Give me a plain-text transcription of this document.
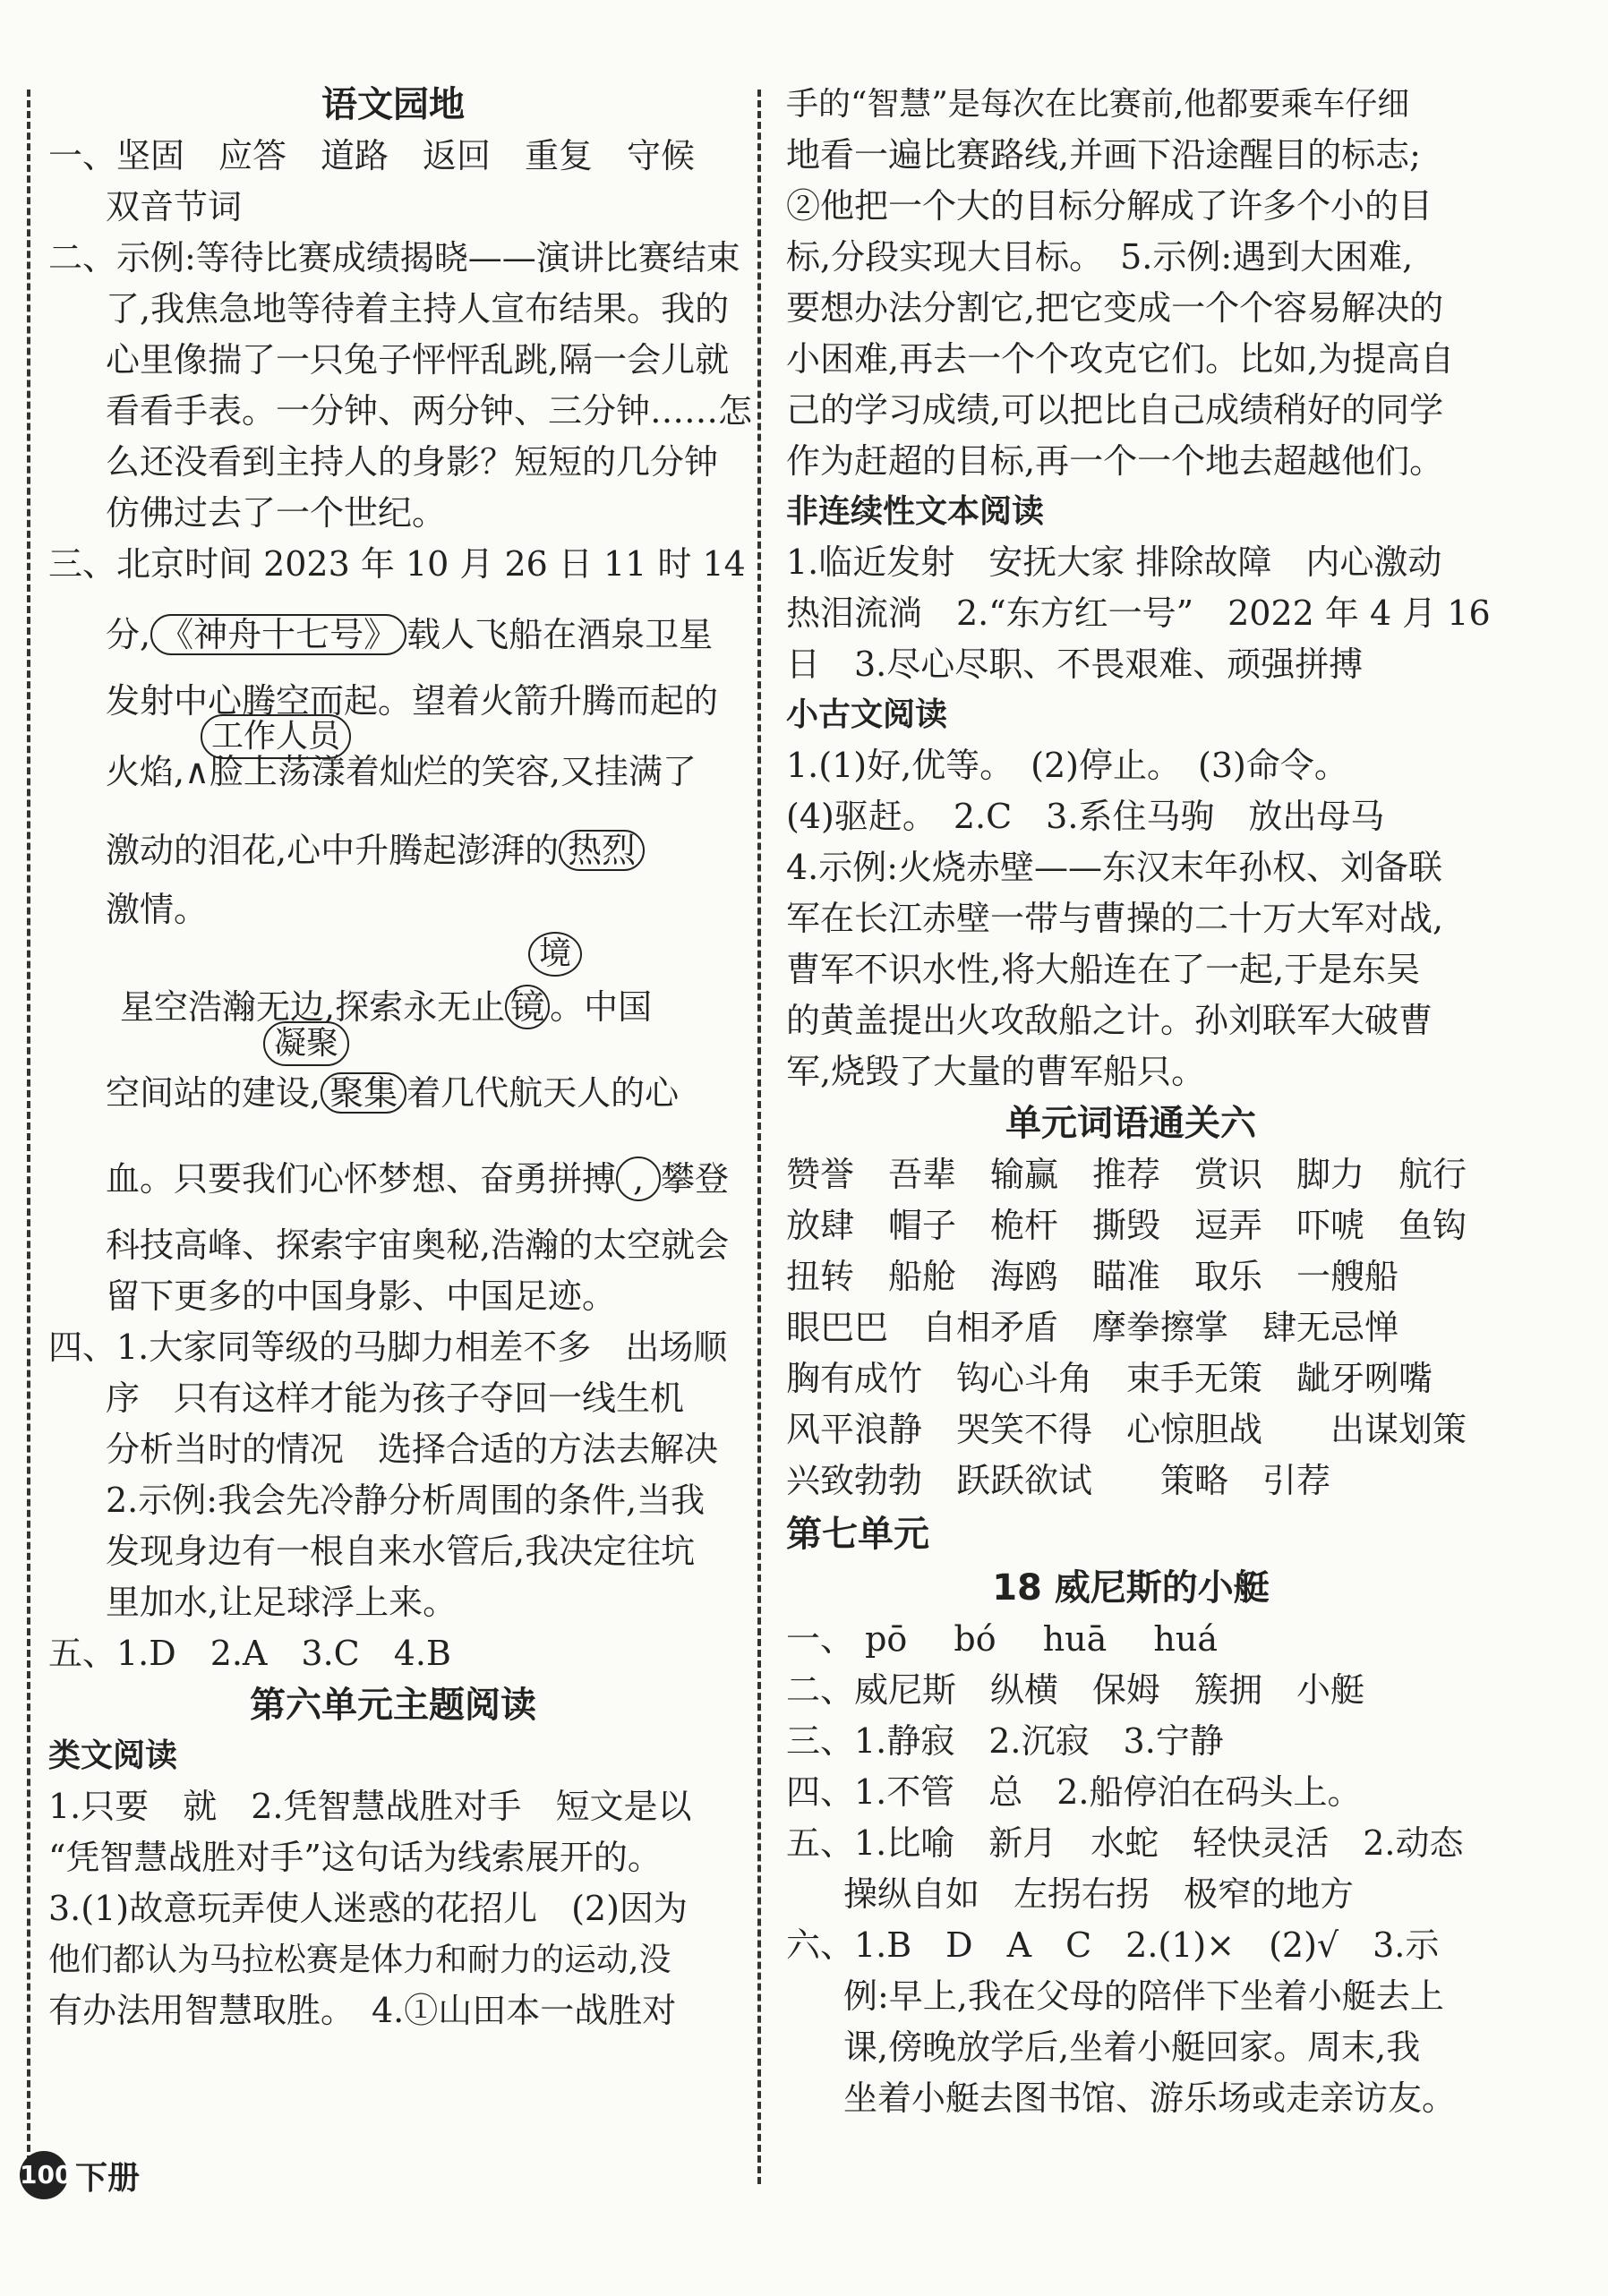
语文园地
一、坚固　应答　道路　返回　重复　守候
双音节词
二、示例:等待比赛成绩揭晓——演讲比赛结束
了,我焦急地等待着主持人宣布结果。我的
心里像揣了一只兔子怦怦乱跳,隔一会儿就
看看手表。一分钟、两分钟、三分钟……怎
么还没看到主持人的身影？短短的几分钟
仿佛过去了一个世纪。
三、北京时间 2023 年 10 月 26 日 11 时 14
分, 《神舟十七号》 载人飞船在酒泉卫星
发射中心腾空而起。望着火箭升腾而起的
工作人员
火焰,∧脸上荡漾着灿烂的笑容,又挂满了
激动的泪花,心中升腾起澎湃的 热烈
激情。
境
星空浩瀚无边,探索永无止 镜 。中国
凝聚
空间站的建设, 聚集 着几代航天人的心
血。只要我们心怀梦想、奋勇拼搏 , 攀登
科技高峰、探索宇宙奥秘,浩瀚的太空就会
留下更多的中国身影、中国足迹。
四、1.大家同等级的马脚力相差不多　出场顺
序　只有这样才能为孩子夺回一线生机
分析当时的情况　选择合适的方法去解决
2.示例:我会先冷静分析周围的条件,当我
发现身边有一根自来水管后,我决定往坑
里加水,让足球浮上来。
五、1.D　2.A　3.C　4.B
第六单元主题阅读
类文阅读
1.只要　就　2.凭智慧战胜对手　短文是以
“凭智慧战胜对手”这句话为线索展开的。
3.(1)故意玩弄使人迷惑的花招儿　(2)因为
他们都认为马拉松赛是体力和耐力的运动,没
有办法用智慧取胜。　4.①山田本一战胜对
手的“智慧”是每次在比赛前,他都要乘车仔细
地看一遍比赛路线,并画下沿途醒目的标志;
②他把一个大的目标分解成了许多个小的目
标,分段实现大目标。　5.示例:遇到大困难,
要想办法分割它,把它变成一个个容易解决的
小困难,再去一个个攻克它们。比如,为提高自
己的学习成绩,可以把比自己成绩稍好的同学
作为赶超的目标,再一个一个地去超越他们。
非连续性文本阅读
1.临近发射　安抚大家 排除故障　内心激动
热泪流淌　2.“东方红一号”　2022 年 4 月 16
日　3.尽心尽职、不畏艰难、顽强拼搏
小古文阅读
1.(1)好,优等。　(2)停止。　(3)命令。
(4)驱赶。　2.C　3.系住马驹　放出母马
4.示例:火烧赤壁——东汉末年孙权、刘备联
军在长江赤壁一带与曹操的二十万大军对战,
曹军不识水性,将大船连在了一起,于是东吴
的黄盖提出火攻敌船之计。孙刘联军大破曹
军,烧毁了大量的曹军船只。
单元词语通关六
赞誉　吾辈　输赢　推荐　赏识　脚力　航行
放肆　帽子　桅杆　撕毁　逗弄　吓唬　鱼钩
扭转　船舱　海鸥　瞄准　取乐　一艘船
眼巴巴　自相矛盾　摩拳擦掌　肆无忌惮
胸有成竹　钩心斗角　束手无策　龇牙咧嘴
风平浪静　哭笑不得　心惊胆战　　出谋划策
兴致勃勃　跃跃欲试　　策略　引荐
第七单元
18 威尼斯的小艇
一、 pō bó huā huá
二、威尼斯　纵横　保姆　簇拥　小艇
三、1.静寂　2.沉寂　3.宁静
四、1.不管　总　2.船停泊在码头上。
五、1.比喻　新月　水蛇　轻快灵活　2.动态
操纵自如　左拐右拐　极窄的地方
六、1.B　D　A　C　2.(1)×　(2)√　3.示
例:早上,我在父母的陪伴下坐着小艇去上
课,傍晚放学后,坐着小艇回家。周末,我
坐着小艇去图书馆、游乐场或走亲访友。
100 下册
